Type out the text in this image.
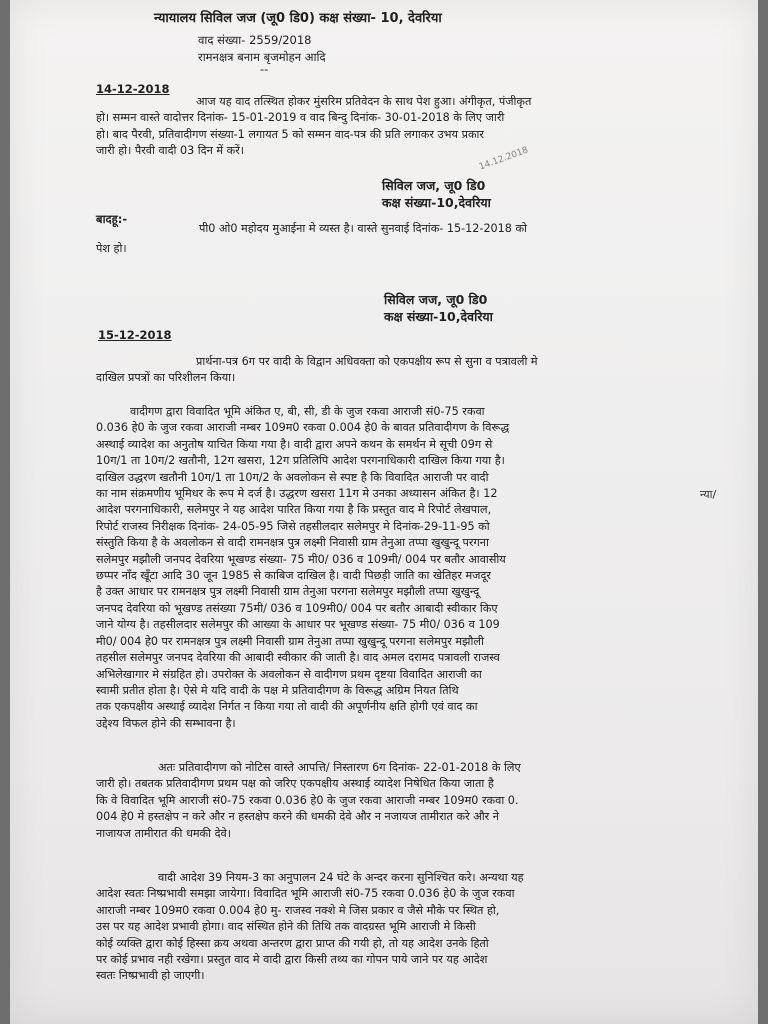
न्यायालय सिविल जज (जू0 डि0) कक्ष संख्या- 10, देवरिया
वाद संख्या- 2559/2018
रामनक्षत्र बनाम बृजमोहन आदि
--
14-12-2018
आज यह वाद तत्स्थित होकर मुंसरिम प्रतिवेदन के साथ पेश हुआ। अंगीकृत, पंजीकृत
हो। सम्मन वास्ते वादोत्तर दिनांक- 15-01-2019 व वाद बिन्दु दिनांक- 30-01-2018 के लिए जारी
हो। बाद पैरवी, प्रतिवादीगण संख्या-1 लगायत 5 को सम्मन वाद-पत्र की प्रति लगाकर उभय प्रकार
जारी हो। पैरवी वादी 03 दिन में करें।	14.12.2018
सिविल जज, जू0 डि0
कक्ष संख्या-10,देवरिया
बादहू:-
पी0 ओ0 महोदय मुआईना मे व्यस्त है। वास्ते सुनवाई दिनांक- 15-12-2018 को
पेश हो।
सिविल जज, जू0 डि0
कक्ष संख्या-10,देवरिया
15-12-2018
प्रार्थना-पत्र 6ग पर वादी के विद्वान अधिवक्ता को एकपक्षीय रूप से सुना व पत्रावली मे
दाखिल प्रपत्रों का परिशीलन किया।
वादीगण द्वारा विवादित भूमि अंकित ए, बी, सी, डी के जुज रकवा आराजी सं0-75 रकवा
0.036 हे0 के जुज रकवा आराजी नम्बर 109म0 रकवा 0.004 हे0 के बावत प्रतिवादीगण के विरूद्ध
अस्थाई व्यादेश का अनुतोष याचित किया गया है। वादी द्वारा अपने कथन के समर्थन मे सूची 09ग से
10ग/1 ता 10ग/2 खतौनी, 12ग खसरा, 12ग प्रतिलिपि आदेश परगनाधिकारी दाखिल किया गया है।
दाखिल उद्धरण खतौनी 10ग/1 ता 10ग/2 के अवलोकन से स्पष्ट है कि विवादित आराजी पर वादी
का नाम संक्रमणीय भूमिधर के रूप मे दर्ज है। उद्धरण खसरा 11ग मे उनका अध्यासन अंकित है। 12
आदेश परगनाधिकारी, सलेमपुर ने यह आदेश पारित किया गया है कि प्रस्तुत वाद मे रिपोर्ट लेखपाल,
रिपोर्ट राजस्व निरीक्षक दिनांक- 24-05-95 जिसे तहसीलदार सलेमपुर मे दिनांक-29-11-95 को
संस्तुति किया है के अवलोकन से वादी रामनक्षत्र पुत्र लक्ष्मी निवासी ग्राम तेनुआ तप्पा खुखुन्दू परगना
सलेमपुर मझौली जनपद देवरिया भूखण्ड संख्या- 75 मी0/ 036 व 109मी/ 004 पर बतौर आवासीय
छप्पर नाँद खूँटा आदि 30 जून 1985 से काबिज दाखिल है। वादी पिछड़ी जाति का खेतिहर मजदूर
है उक्त आधार पर रामनक्षत्र पुत्र लक्ष्मी निवासी ग्राम तेनुआ परगना सलेमपुर मझौली तप्पा खुखुन्दू
जनपद देवरिया को भूखण्ड तसंख्या 75मी/ 036 व 109मी0/ 004 पर बतौर आबादी स्वीकार किए
जाने योग्य है। तहसीलदार सलेमपुर की आख्या के आधार पर भूखण्ड संख्या- 75 मी0/ 036 व 109
मी0/ 004 हे0 पर रामनक्षत्र पुत्र लक्ष्मी निवासी ग्राम तेनुआ तप्पा खुखुन्दू परगना सलेमपुर मझौली
तहसील सलेमपुर जनपद देवरिया की आबादी स्वीकार की जाती है। वाद अमल दरामद पत्रावली राजस्व
अभिलेखागार मे संग्रहित हो। उपरोक्त के अवलोकन से वादीगण प्रथम दृष्टया विवादित आराजी का
स्वामी प्रतीत होता है। ऐसे मे यदि वादी के पक्ष मे प्रतिवादीगण के विरूद्ध अग्रिम नियत तिथि
तक एकपक्षीय अस्थाई व्यादेश निर्गत न किया गया तो वादी की अपूर्णनीय क्षति होगी एवं वाद का
उद्देश्य विफल होने की सम्भावना है।
न्या/
अतः प्रतिवादीगण को नोटिस वास्ते आपत्ति/ निस्तारण 6ग दिनांक- 22-01-2018 के लिए
जारी हो। तबतक प्रतिवादीगण प्रथम पक्ष को जरिए एकपक्षीय अस्थाई व्यादेश निषेधित किया जाता है
कि वे विवादित भूमि आराजी सं0-75 रकवा 0.036 हे0 के जुज रकवा आराजी नम्बर 109म0 रकवा 0.
004 हे0 मे हस्तक्षेप न करे और न हस्तक्षेप करने की धमकी देवे और न नजायज तामीरात करे और ने
नाजायज तामीरात की धमकी देवे।
वादी आदेश 39 नियम-3 का अनुपालन 24 घंटे के अन्दर करना सुनिश्चित करे। अन्यथा यह
आदेश स्वतः निष्प्रभावी समझा जायेगा। विवादित भूमि आराजी सं0-75 रकवा 0.036 हे0 के जुज रकवा
आराजी नम्बर 109म0 रकवा 0.004 हे0 मु- राजस्व नक्शे मे जिस प्रकार व जैसे मौके पर स्थित हो,
उस पर यह आदेश प्रभावी होगा। वाद संस्थित होने की तिथि तक वादग्रस्त भूमि आराजी मे किसी
कोई व्यक्ति द्वारा कोई हिस्सा क्रय अथवा अन्तरण द्वारा प्राप्त की गयी हो, तो यह आदेश उनके हितो
पर कोई प्रभाव नही रखेगा। प्रस्तुत वाद मे वादी द्वारा किसी तथ्य का गोपन पाये जाने पर यह आदेश
स्वतः निष्प्रभावी हो जाएगी।
